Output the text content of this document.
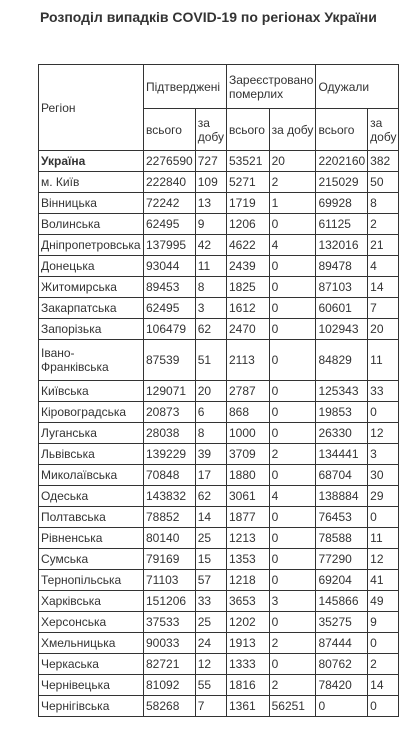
Розподіл випадків COVID-19 по регіонах України
Регіон	Підтверджені		Зареєстровано померлих		Одужали	
	всього	за добу	всього	за добу	всього	за добу
Україна	2276590	727	53521	20	2202160	382
м. Київ	222840	109	5271	2	215029	50
Вінницька	72242	13	1719	1	69928	8
Волинська	62495	9	1206	0	61125	2
Дніпропетровська	137995	42	4622	4	132016	21
Донецька	93044	11	2439	0	89478	4
Житомирська	89453	8	1825	0	87103	14
Закарпатська	62495	3	1612	0	60601	7
Запорізька	106479	62	2470	0	102943	20
Івано-Франківська	87539	51	2113	0	84829	11
Київська	129071	20	2787	0	125343	33
Кіровоградська	20873	6	868	0	19853	0
Луганська	28038	8	1000	0	26330	12
Львівська	139229	39	3709	2	134441	3
Миколаївська	70848	17	1880	0	68704	30
Одеська	143832	62	3061	4	138884	29
Полтавська	78852	14	1877	0	76453	0
Рівненська	80140	25	1213	0	78588	11
Сумська	79169	15	1353	0	77290	12
Тернопільська	71103	57	1218	0	69204	41
Харківська	151206	33	3653	3	145866	49
Херсонська	37533	25	1202	0	35275	9
Хмельницька	90033	24	1913	2	87444	0
Черкаська	82721	12	1333	0	80762	2
Чернівецька	81092	55	1816	2	78420	14
Чернігівська	58268	7	1361	56251	0	0
